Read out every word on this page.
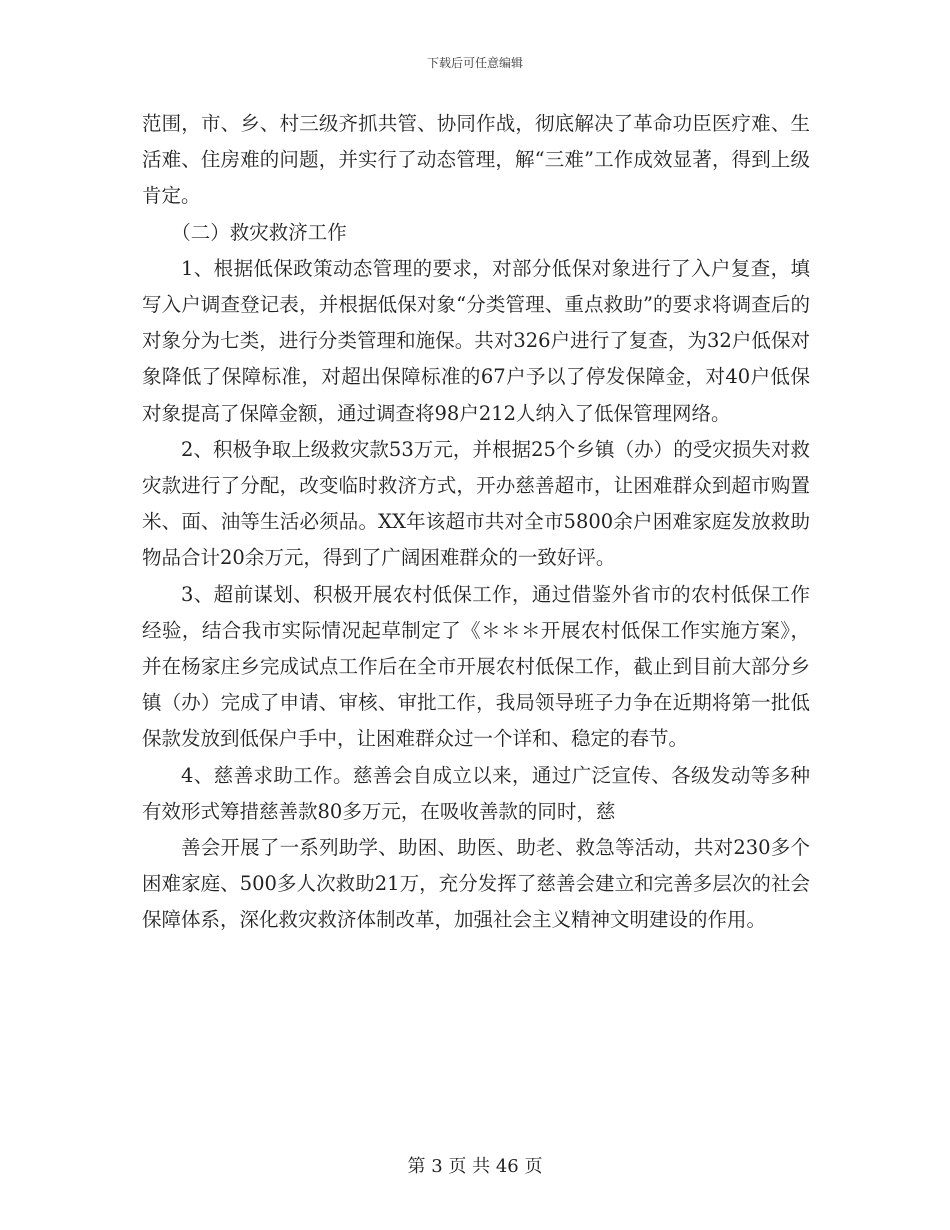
下载后可任意编辑

范围，市、乡、村三级齐抓共管、协同作战，彻底解决了革命功臣医疗难、生活难、住房难的问题，并实行了动态管理，解“三难”工作成效显著，得到上级肯定。

（二）救灾救济工作

1、根据低保政策动态管理的要求，对部分低保对象进行了入户复查，填写入户调查登记表，并根据低保对象“分类管理、重点救助”的要求将调查后的对象分为七类，进行分类管理和施保。共对326户进行了复查，为32户低保对象降低了保障标准，对超出保障标准的67户予以了停发保障金，对40户低保对象提高了保障金额，通过调查将98户212人纳入了低保管理网络。

2、积极争取上级救灾款53万元，并根据25个乡镇（办）的受灾损失对救灾款进行了分配，改变临时救济方式，开办慈善超市，让困难群众到超市购置米、面、油等生活必须品。XX年该超市共对全市5800余户困难家庭发放救助物品合计20余万元，得到了广阔困难群众的一致好评。

3、超前谋划、积极开展农村低保工作，通过借鉴外省市的农村低保工作经验，结合我市实际情况起草制定了《＊＊＊开展农村低保工作实施方案》，并在杨家庄乡完成试点工作后在全市开展农村低保工作，截止到目前大部分乡镇（办）完成了申请、审核、审批工作，我局领导班子力争在近期将第一批低保款发放到低保户手中，让困难群众过一个详和、稳定的春节。

4、慈善求助工作。慈善会自成立以来，通过广泛宣传、各级发动等多种有效形式筹措慈善款80多万元，在吸收善款的同时，慈

善会开展了一系列助学、助困、助医、助老、救急等活动，共对230多个困难家庭、500多人次救助21万，充分发挥了慈善会建立和完善多层次的社会保障体系，深化救灾救济体制改革，加强社会主义精神文明建设的作用。

第 3 页 共 46 页
